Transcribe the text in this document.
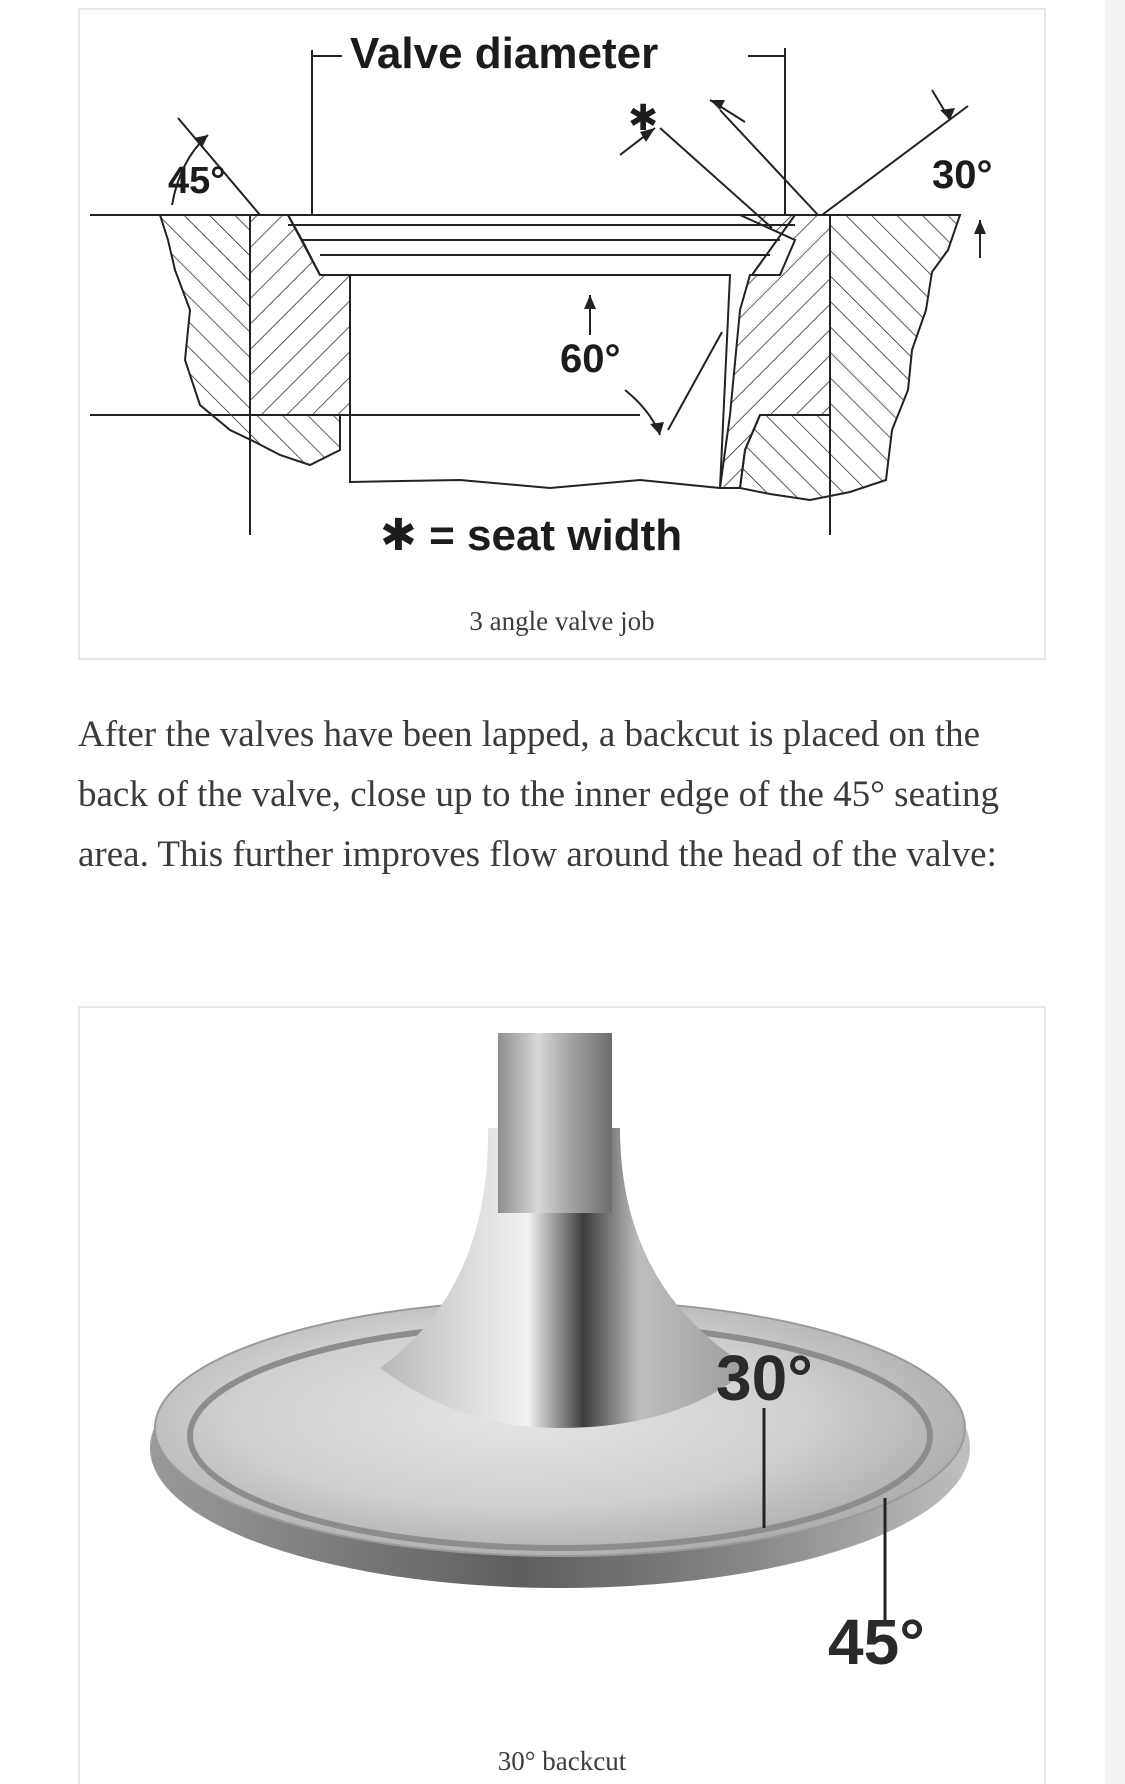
Valve diameter
45°	30°
60°
✱
✱ = seat width
3 angle valve job

After the valves have been lapped, a backcut is placed on the back of the valve, close up to the inner edge of the 45° seating area. This further improves flow around the head of the valve:

30°
45°
30° backcut
